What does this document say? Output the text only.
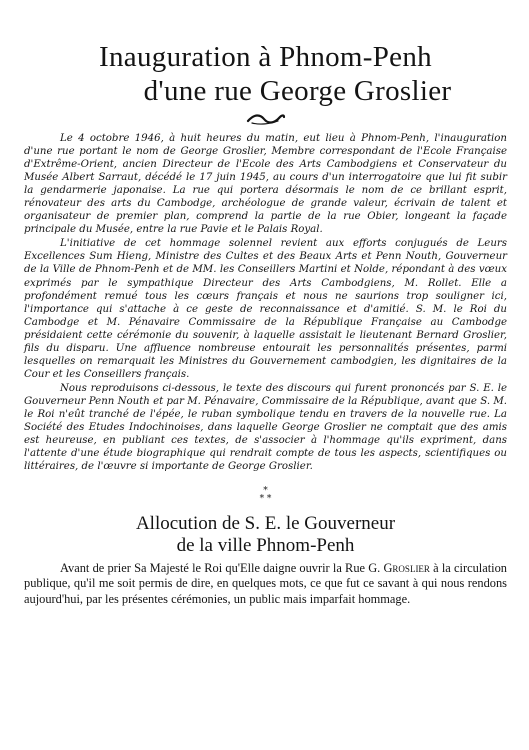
Inauguration à Phnom-Penh
d'une rue George Groslier

Le 4 octobre 1946, à huit heures du matin, eut lieu à Phnom-Penh, l'inauguration d'une rue portant le nom de George Groslier, Membre correspondant de l'Ecole Française d'Extrême-Orient, ancien Directeur de l'Ecole des Arts Cambodgiens et Conservateur du Musée Albert Sarraut, décédé le 17 juin 1945, au cours d'un interrogatoire que lui fit subir la gendarmerie japonaise. La rue qui portera désormais le nom de ce brillant esprit, rénovateur des arts du Cambodge, archéologue de grande valeur, écrivain de talent et organisateur de premier plan, comprend la partie de la rue Obier, longeant la façade principale du Musée, entre la rue Pavie et le Palais Royal.

L'initiative de cet hommage solennel revient aux efforts conjugués de Leurs Excellences Sum Hieng, Ministre des Cultes et des Beaux Arts et Penn Nouth, Gouverneur de la Ville de Phnom-Penh et de MM. les Conseillers Martini et Nolde, répondant à des vœux exprimés par le sympathique Directeur des Arts Cambodgiens, M. Rollet. Elle a profondément remué tous les cœurs français et nous ne saurions trop souligner ici, l'importance qui s'attache à ce geste de reconnaissance et d'amitié. S. M. le Roi du Cambodge et M. Pénavaire Commissaire de la République Française au Cambodge présidaient cette cérémonie du souvenir, à laquelle assistait le lieutenant Bernard Groslier, fils du disparu. Une affluence nombreuse entourait les personnalités présentes, parmi lesquelles on remarquait les Ministres du Gouvernement cambodgien, les dignitaires de la Cour et les Conseillers français.

Nous reproduisons ci-dessous, le texte des discours qui furent prononcés par S. E. le Gouverneur Penn Nouth et par M. Pénavaire, Commissaire de la République, avant que S. M. le Roi n'eût tranché de l'épée, le ruban symbolique tendu en travers de la nouvelle rue. La Société des Etudes Indochinoises, dans laquelle George Groslier ne comptait que des amis est heureuse, en publiant ces textes, de s'associer à l'hommage qu'ils expriment, dans l'attente d'une étude biographique qui rendrait compte de tous les aspects, scientifiques ou littéraires, de l'œuvre si importante de George Groslier.

*
* *
Allocution de S. E. le Gouverneur
de la ville Phnom-Penh

Avant de prier Sa Majesté le Roi qu'Elle daigne ouvrir la Rue G. Groslier à la circulation publique, qu'il me soit permis de dire, en quelques mots, ce que fut ce savant à qui nous rendons aujourd'hui, par les présentes cérémonies, un public mais imparfait hommage.
